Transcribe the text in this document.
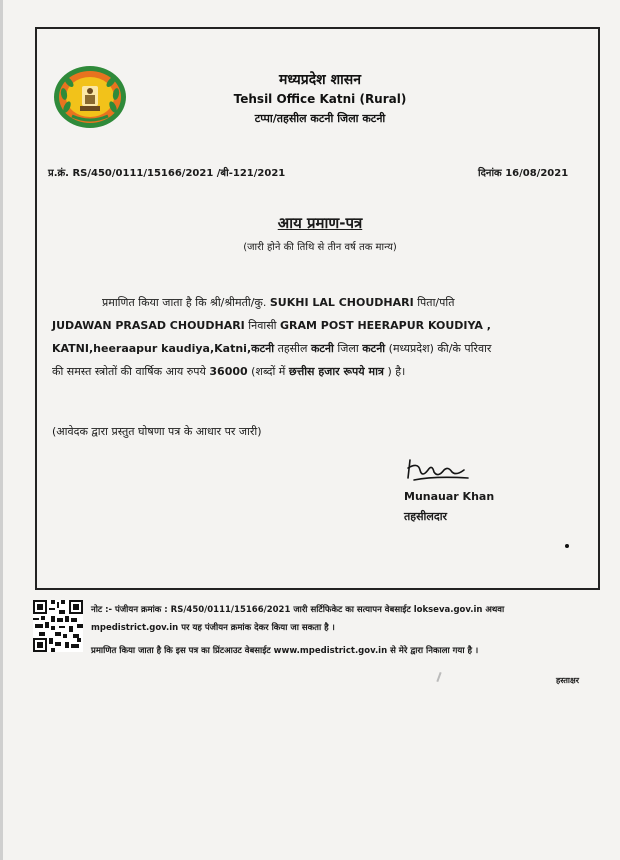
मध्यप्रदेश शासन
Tehsil Office Katni (Rural)
टप्पा/तहसील कटनी जिला कटनी
प्र.क्रं. RS/450/0111/15166/2021 /बी-121/2021	दिनांक 16/08/2021
आय प्रमाण-पत्र
(जारी होने की तिथि से तीन वर्ष तक मान्य)
प्रमाणित किया जाता है कि श्री/श्रीमती/कु. SUKHI LAL CHOUDHARI पिता/पति
JUDAWAN PRASAD CHOUDHARI निवासी GRAM POST HEERAPUR KOUDIYA ,
KATNI,heeraapur kaudiya,Katni,कटनी तहसील कटनी जिला कटनी (मध्यप्रदेश) की/के परिवार
की समस्त स्त्रोतों की वार्षिक आय रुपये 36000 (शब्दों में छत्तीस हजार रूपये मात्र ) है।
(आवेदक द्वारा प्रस्तुत घोषणा पत्र के आधार पर जारी)
Munauar Khan
तहसीलदार
नोट :- पंजीयन क्रमांक : RS/450/0111/15166/2021 जारी सर्टिफिकेट का सत्यापन वेबसाईट lokseva.gov.in अथवा
mpedistrict.gov.in पर यह पंजीयन क्रमांक देकर किया जा सकता है ।
प्रमाणित किया जाता है कि इस पत्र का प्रिंटआउट वेबसाईट www.mpedistrict.gov.in से मेरे द्वारा निकाला गया है ।
हस्ताक्षर
